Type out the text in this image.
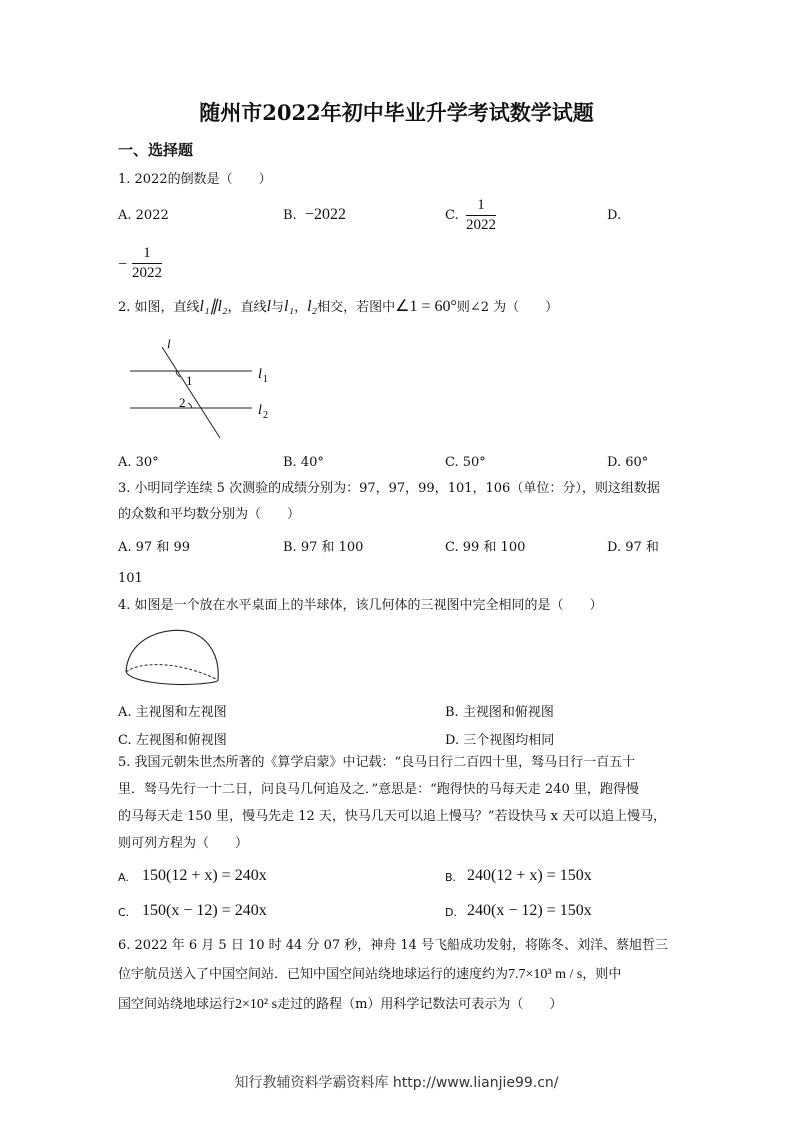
随州市2022年初中毕业升学考试数学试题
一、选择题
1. 2022的倒数是（　　）
A. 2022	B. −2022	C. $\frac{1}{2022}$	D.
− $\frac{1}{2022}$
2. 如图，直线l₁∥l₂，直线l与l₁，l₂相交，若图中∠1 = 60°则∠2 为（　　）
l
1
2
l 1
l 2
A. 30°	B. 40°	C. 50°	D. 60°
3. 小明同学连续 5 次测验的成绩分别为：97，97，99，101，106（单位：分），则这组数据
的众数和平均数分别为（　　）
A. 97 和 99	B. 97 和 100	C. 99 和 100	D. 97 和
101
4. 如图是一个放在水平桌面上的半球体，该几何体的三视图中完全相同的是（　　）
A. 主视图和左视图	B. 主视图和俯视图
C. 左视图和俯视图	D. 三个视图均相同
5. 我国元朝朱世杰所著的《算学启蒙》中记载：“良马日行二百四十里，驽马日行一百五十
里．驽马先行一十二日，问良马几何追及之．”意思是：“跑得快的马每天走 240 里，跑得慢
的马每天走 150 里，慢马先走 12 天，快马几天可以追上慢马？”若设快马 x 天可以追上慢马，
则可列方程为（　　）
A. 150(12 + x) = 240x	B. 240(12 + x) = 150x
C. 150(x − 12) = 240x	D. 240(x − 12) = 150x
6. 2022 年 6 月 5 日 10 时 44 分 07 秒，神舟 14 号飞船成功发射，将陈冬、刘洋、蔡旭哲三
位宇航员送入了中国空间站．已知中国空间站绕地球运行的速度约为7.7×10³ m / s，则中
国空间站绕地球运行2×10² s走过的路程（m）用科学记数法可表示为（　　）
知行教辅资料学霸资料库 http://www.lianjie99.cn/
